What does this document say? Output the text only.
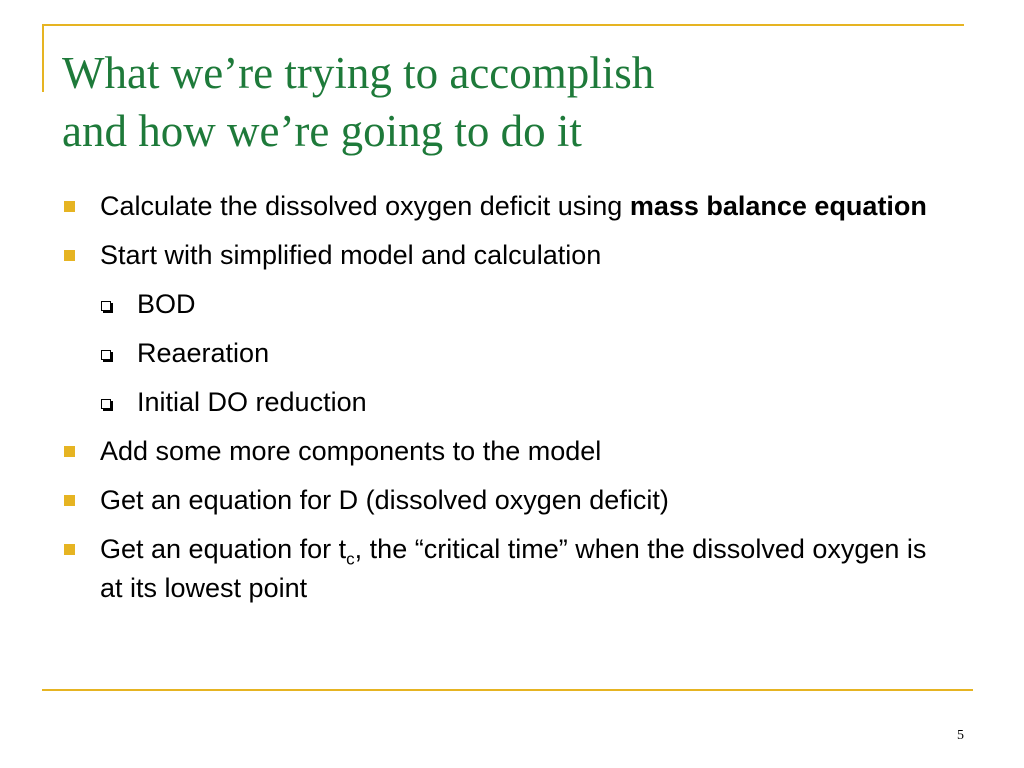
What we’re trying to accomplish
and how we’re going to do it
Calculate the dissolved oxygen deficit using mass balance equation
Start with simplified model and calculation
BOD
Reaeration
Initial DO reduction
Add some more components to the model
Get an equation for D (dissolved oxygen deficit)
Get an equation for $t_c$, the “critical time” when the dissolved oxygen is at its lowest point
5
